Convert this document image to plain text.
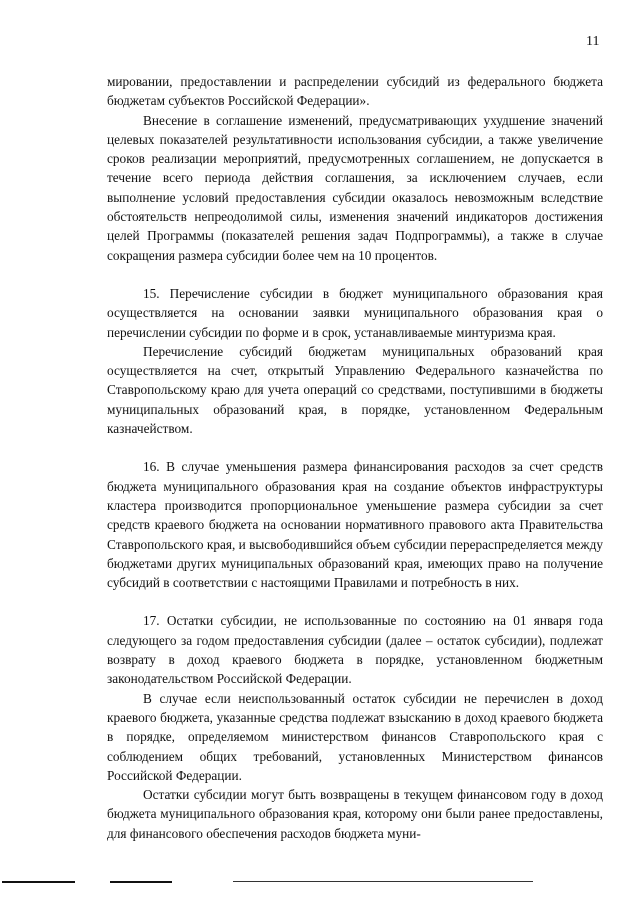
11

мировании, предоставлении и распределении субсидий из федерального бюджета бюджетам субъектов Российской Федерации».

Внесение в соглашение изменений, предусматривающих ухудшение значений целевых показателей результативности использования субсидии, а также увеличение сроков реализации мероприятий, предусмотренных соглашением, не допускается в течение всего периода действия соглашения, за исключением случаев, если выполнение условий предоставления субсидии оказалось невозможным вследствие обстоятельств непреодолимой силы, изменения значений индикаторов достижения целей Программы (показателей решения задач Подпрограммы), а также в случае сокращения размера субсидии более чем на 10 процентов.

15. Перечисление субсидии в бюджет муниципального образования края осуществляется на основании заявки муниципального образования края о перечислении субсидии по форме и в срок, устанавливаемые минтуризма края.

Перечисление субсидий бюджетам муниципальных образований края осуществляется на счет, открытый Управлению Федерального казначейства по Ставропольскому краю для учета операций со средствами, поступившими в бюджеты муниципальных образований края, в порядке, установленном Федеральным казначейством.

16. В случае уменьшения размера финансирования расходов за счет средств бюджета муниципального образования края на создание объектов инфраструктуры кластера производится пропорциональное уменьшение размера субсидии за счет средств краевого бюджета на основании нормативного правового акта Правительства Ставропольского края, и высвободившийся объем субсидии перераспределяется между бюджетами других муниципальных образований края, имеющих право на получение субсидий в соответствии с настоящими Правилами и потребность в них.

17. Остатки субсидии, не использованные по состоянию на 01 января года следующего за годом предоставления субсидии (далее – остаток субсидии), подлежат возврату в доход краевого бюджета в порядке, установленном бюджетным законодательством Российской Федерации.

В случае если неиспользованный остаток субсидии не перечислен в доход краевого бюджета, указанные средства подлежат взысканию в доход краевого бюджета в порядке, определяемом министерством финансов Ставропольского края с соблюдением общих требований, установленных Министерством финансов Российской Федерации.

Остатки субсидии могут быть возвращены в текущем финансовом году в доход бюджета муниципального образования края, которому они были ранее предоставлены, для финансового обеспечения расходов бюджета муни-
